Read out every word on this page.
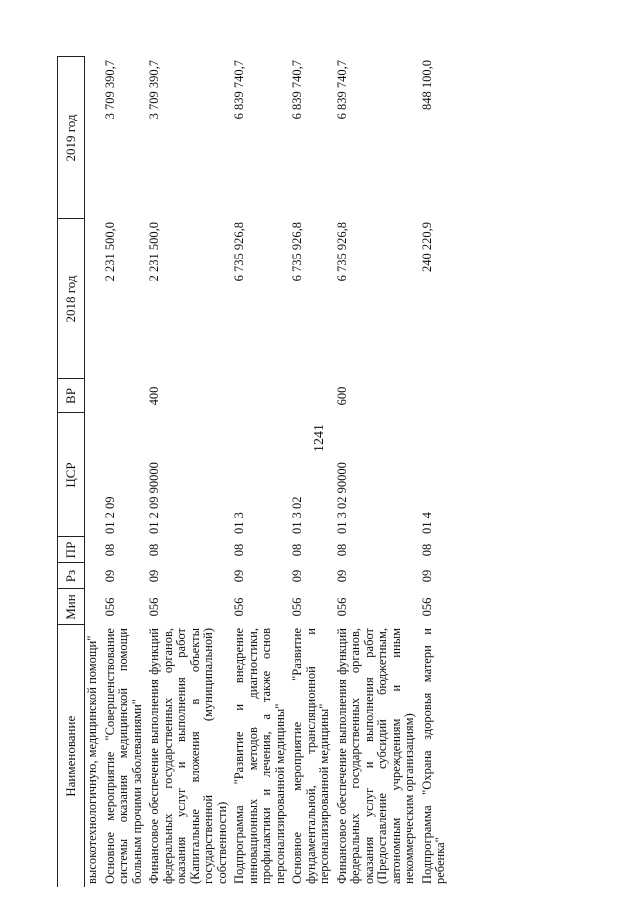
1241
Наименование	Мин	Рз	ПР	ЦСР	ВР	2018 год	2019 год
высокотехнологичную, медицинской помощи"							
Основное мероприятие "Совершенствование системы оказания медицинской помощи больным прочими заболеваниями"	056	09	08	01 2 09		2 231 500,0	3 709 390,7
Финансовое обеспечение выполнения функций федеральных государственных органов, оказания услуг и выполнения работ (Капитальные вложения в объекты государственной (муниципальной) собственности)	056	09	08	01 2 09 90000	400	2 231 500,0	3 709 390,7
Подпрограмма "Развитие и внедрение инновационных методов диагностики, профилактики и лечения, а также основ персонализированной медицины"	056	09	08	01 3		6 735 926,8	6 839 740,7
Основное мероприятие "Развитие фундаментальной, трансляционной и персонализированной медицины"	056	09	08	01 3 02		6 735 926,8	6 839 740,7
Финансовое обеспечение выполнения функций федеральных государственных органов, оказания услуг и выполнения работ (Предоставление субсидий бюджетным, автономным учреждениям и иным некоммерческим организациям)	056	09	08	01 3 02 90000	600	6 735 926,8	6 839 740,7
Подпрограмма "Охрана здоровья матери и ребенка"	056	09	08	01 4		240 220,9	848 100,0
